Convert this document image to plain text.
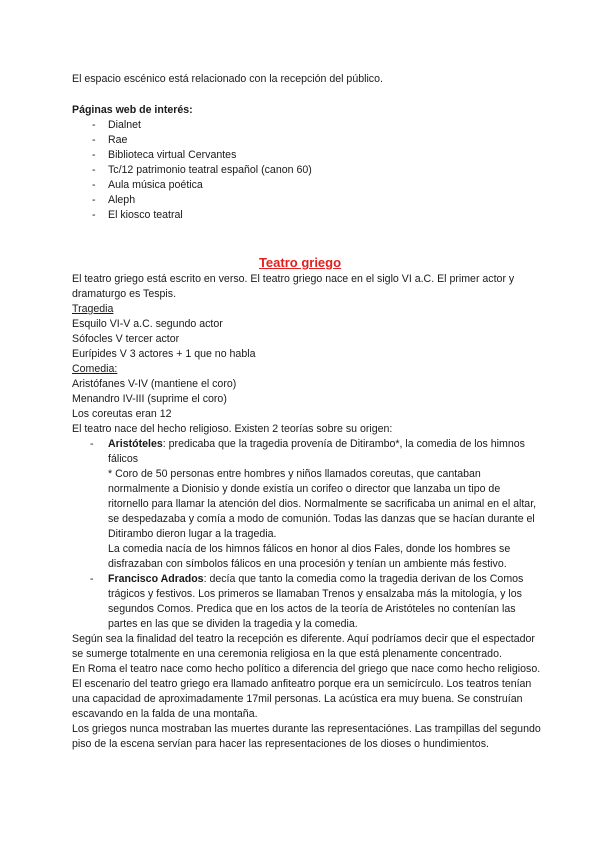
El espacio escénico está relacionado con la recepción del público.

Páginas web de interés:

-	Dialnet
-	Rae
-	Biblioteca virtual Cervantes
-	Tc/12 patrimonio teatral español (canon 60)
-	Aula música poética
-	Aleph
-	El kiosco teatral
Teatro griego

El teatro griego está escrito en verso. El teatro griego nace en el siglo VI a.C. El primer actor y dramaturgo es Tespis.

Tragedia

Esquilo VI-V a.C. segundo actor

Sófocles V tercer actor

Eurípides V 3 actores + 1 que no habla

Comedia:

Aristófanes V-IV (mantiene el coro)

Menandro IV-III (suprime el coro)

Los coreutas eran 12

El teatro nace del hecho religioso. Existen 2 teorías sobre su origen:

-	Aristóteles: predicaba que la tragedia provenía de Ditirambo*, la comedia de los himnos fálicos

* Coro de 50 personas entre hombres y niños llamados coreutas, que cantaban normalmente a Dionisio y donde existía un corifeo o director que lanzaba un tipo de ritornello para llamar la atención del dios. Normalmente se sacrificaba un animal en el altar, se despedazaba y comía a modo de comunión. Todas las danzas que se hacían durante el Ditirambo dieron lugar a la tragedia.

La comedia nacía de los himnos fálicos en honor al dios Fales, donde los hombres se disfrazaban con símbolos fálicos en una procesión y tenían un ambiente más festivo.

-	Francisco Adrados: decía que tanto la comedia como la tragedia derivan de los Comos trágicos y festivos. Los primeros se llamaban Trenos y ensalzaba más la mitología, y los segundos Comos. Predica que en los actos de la teoría de Aristóteles no contenían las partes en las que se dividen la tragedia y la comedia.

Según sea la finalidad del teatro la recepción es diferente. Aquí podríamos decir que el espectador se sumerge totalmente en una ceremonia religiosa en la que está plenamente concentrado.

En Roma el teatro nace como hecho político a diferencia del griego que nace como hecho religioso.

El escenario del teatro griego era llamado anfiteatro porque era un semicírculo. Los teatros tenían una capacidad de aproximadamente 17mil personas. La acústica era muy buena. Se construían escavando en la falda de una montaña.

Los griegos nunca mostraban las muertes durante las representaciónes. Las trampillas del segundo piso de la escena servían para hacer las representaciones de los dioses o hundimientos.
